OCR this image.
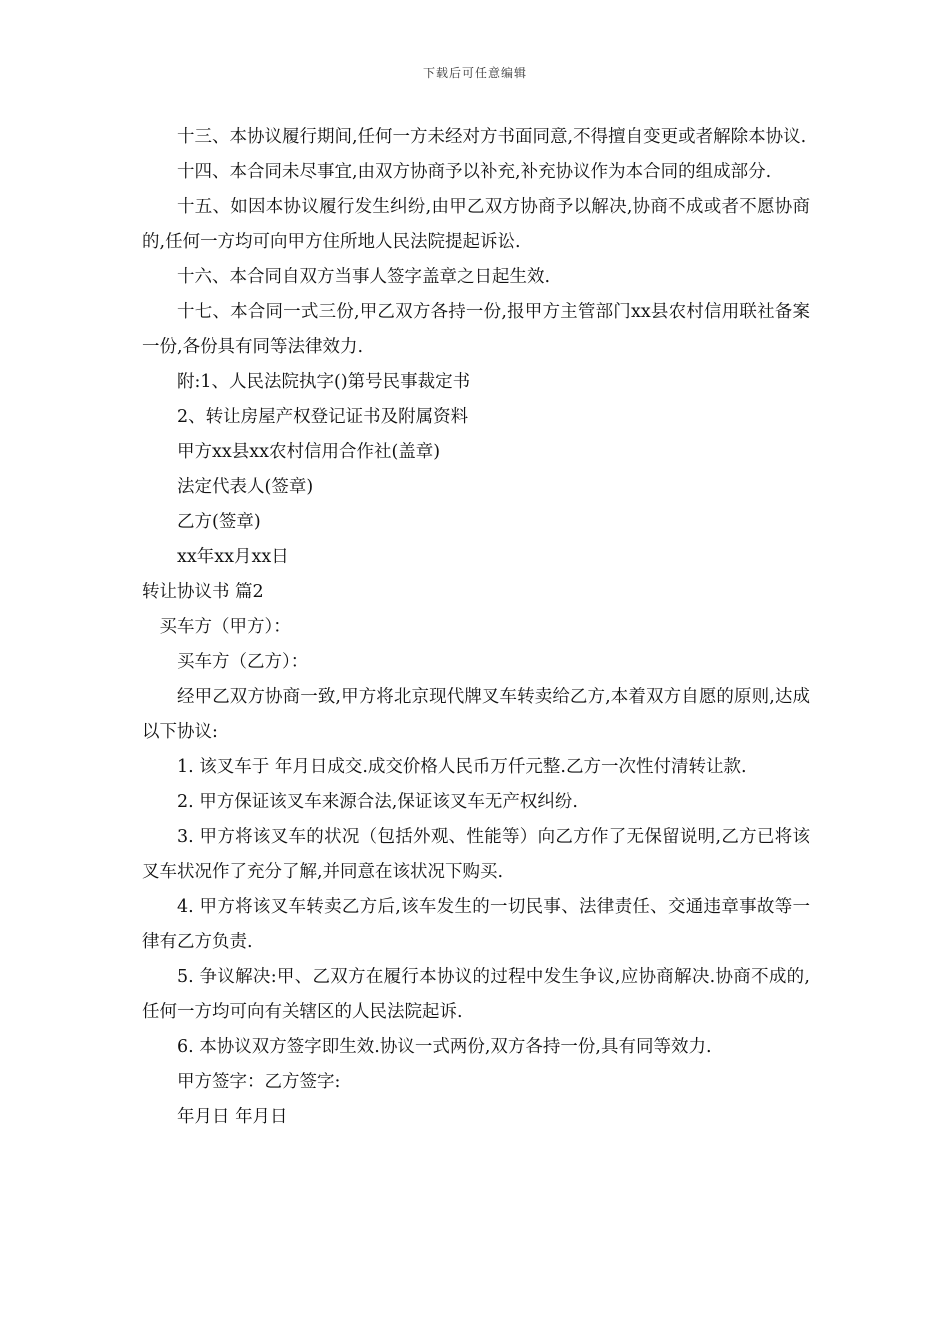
下载后可任意编辑

十三、本协议履行期间,任何一方未经对方书面同意,不得擅自变更或者解除本协议.

十四、本合同未尽事宜,由双方协商予以补充,补充协议作为本合同的组成部分.

十五、如因本协议履行发生纠纷,由甲乙双方协商予以解决,协商不成或者不愿协商的,任何一方均可向甲方住所地人民法院提起诉讼.

十六、本合同自双方当事人签字盖章之日起生效.

十七、本合同一式三份,甲乙双方各持一份,报甲方主管部门xx县农村信用联社备案一份,各份具有同等法律效力.

附:1、人民法院执字()第号民事裁定书

2、转让房屋产权登记证书及附属资料

甲方xx县xx农村信用合作社(盖章)

法定代表人(签章)

乙方(签章)

xx年xx月xx日

转让协议书 篇2

买车方（甲方）：

买车方（乙方）：

经甲乙双方协商一致,甲方将北京现代牌叉车转卖给乙方,本着双方自愿的原则,达成以下协议:

1. 该叉车于 年月日成交.成交价格人民币万仟元整.乙方一次性付清转让款.

2. 甲方保证该叉车来源合法,保证该叉车无产权纠纷.

3. 甲方将该叉车的状况（包括外观、性能等）向乙方作了无保留说明,乙方已将该叉车状况作了充分了解,并同意在该状况下购买.

4. 甲方将该叉车转卖乙方后,该车发生的一切民事、法律责任、交通违章事故等一律有乙方负责.

5. 争议解决:甲、乙双方在履行本协议的过程中发生争议,应协商解决.协商不成的,任何一方均可向有关辖区的人民法院起诉.

6. 本协议双方签字即生效.协议一式两份,双方各持一份,具有同等效力.

甲方签字：乙方签字:

年月日 年月日
